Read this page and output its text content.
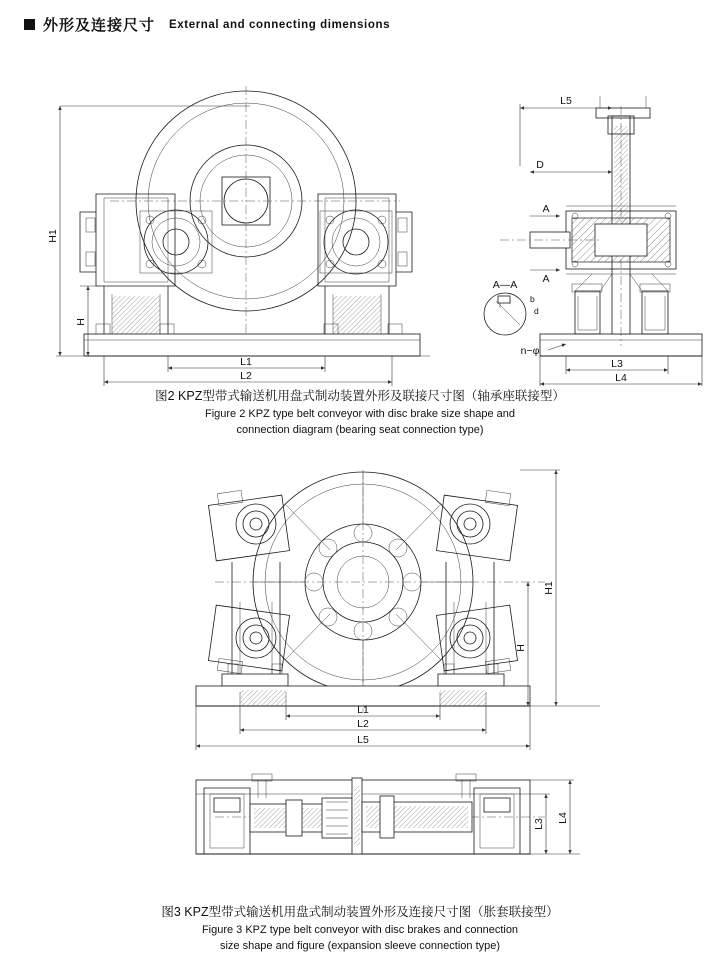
外形及连接尺寸 External and connecting dimensions
H1
H
L1
L2
L5
D
A
A
A—A
b
d
n−φ
L3
L4
图2 KPZ型带式输送机用盘式制动装置外形及联接尺寸图（轴承座联接型）
Figure 2 KPZ type belt conveyor with disc brake size shape and
connection diagram (bearing seat connection type)
H1
H
L1
L2
L5
L3
L4
图3 KPZ型带式输送机用盘式制动装置外形及连接尺寸图（胀套联接型）
Figure 3 KPZ type belt conveyor with disc brakes and connection
size shape and figure (expansion sleeve connection type)
